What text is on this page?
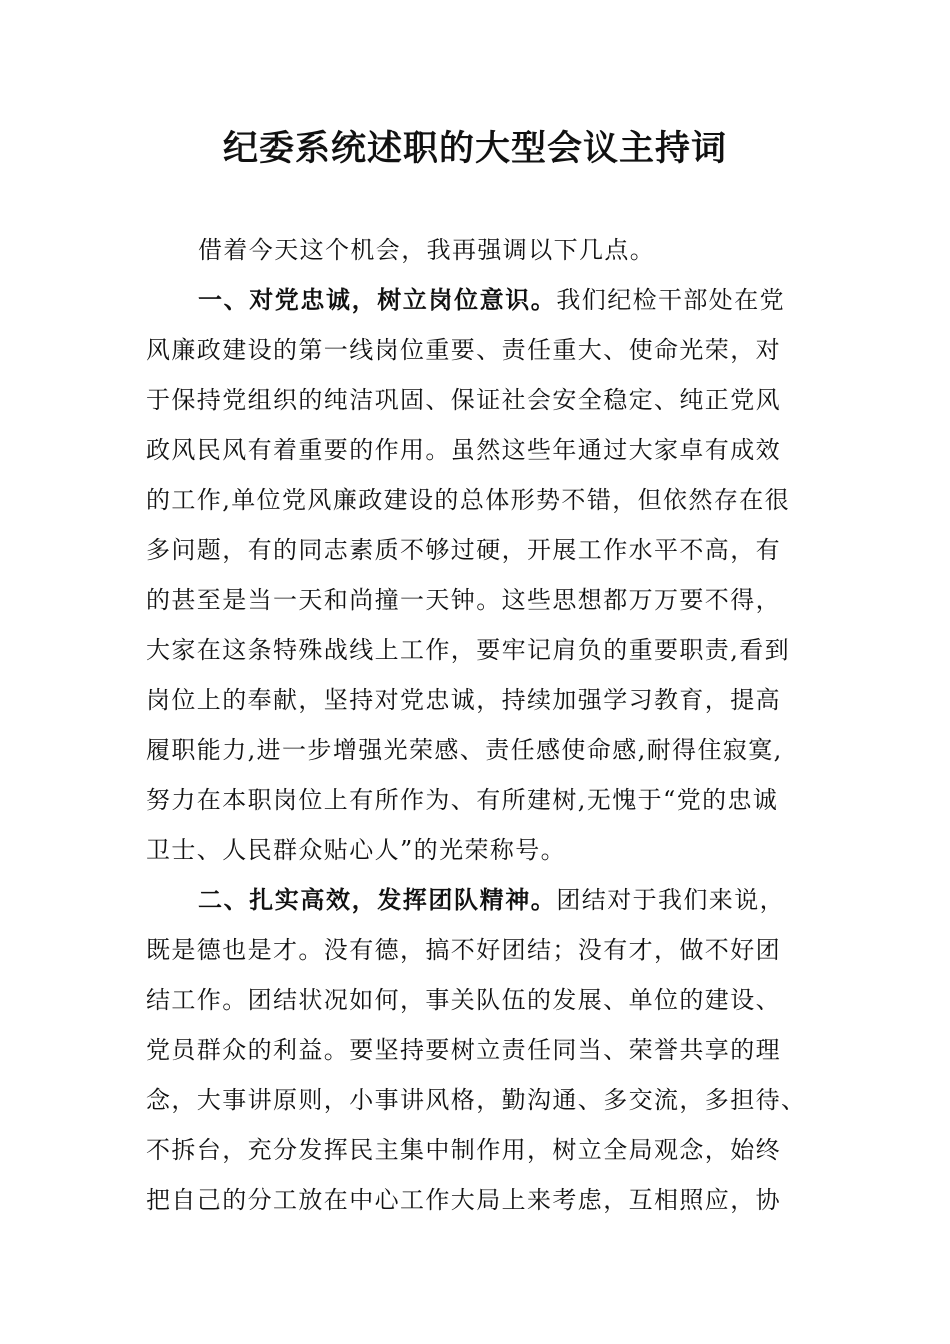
纪委系统述职的大型会议主持词
借着今天这个机会，我再强调以下几点。
一、对党忠诚，树立岗位意识。我们纪检干部处在党
风廉政建设的第一线岗位重要、责任重大、使命光荣，对
于保持党组织的纯洁巩固、保证社会安全稳定、纯正党风
政风民风有着重要的作用。虽然这些年通过大家卓有成效
的工作,单位党风廉政建设的总体形势不错，但依然存在很
多问题，有的同志素质不够过硬，开展工作水平不高，有
的甚至是当一天和尚撞一天钟。这些思想都万万要不得，
大家在这条特殊战线上工作，要牢记肩负的重要职责,看到
岗位上的奉献，坚持对党忠诚，持续加强学习教育，提高
履职能力,进一步增强光荣感、责任感使命感,耐得住寂寞,
努力在本职岗位上有所作为、有所建树,无愧于“党的忠诚
卫士、人民群众贴心人”的光荣称号。
二、扎实高效，发挥团队精神。团结对于我们来说，
既是德也是才。没有德，搞不好团结；没有才，做不好团
结工作。团结状况如何，事关队伍的发展、单位的建设、
党员群众的利益。要坚持要树立责任同当、荣誉共享的理
念，大事讲原则，小事讲风格，勤沟通、多交流，多担待、
不拆台，充分发挥民主集中制作用，树立全局观念，始终
把自己的分工放在中心工作大局上来考虑，互相照应，协
